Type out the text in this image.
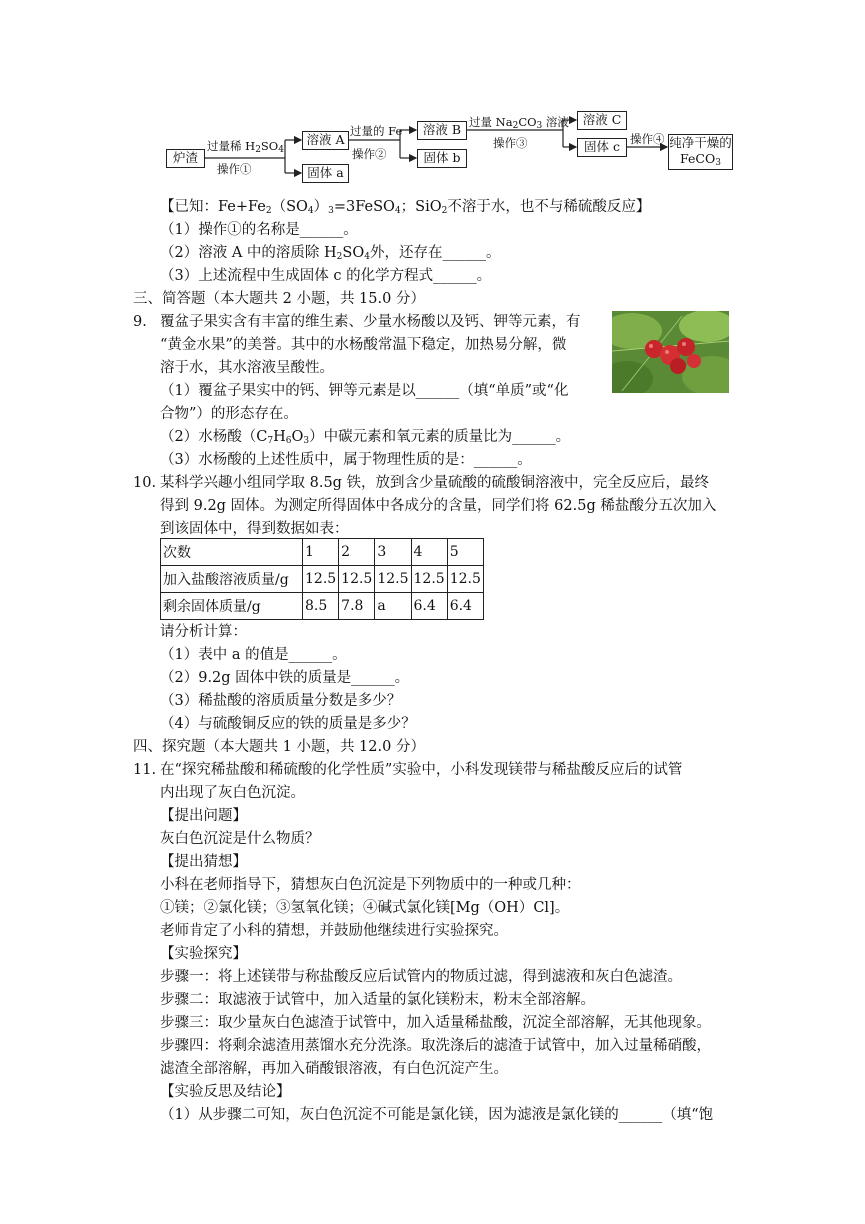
炉渣
过量稀 $H_2SO_4$
操作①
溶液 A
固体 a
过量的 Fe
操作②
溶液 B
固体 b
过量 $Na_2CO_3$ 溶液
操作③
溶液 C
固体 c 操作④ 纯净干燥的
FeCO$_3$
【已知：$Fe+Fe_2(SO_4)_3=3FeSO_4$；SiO$_2$不溶于水，也不与稀硫酸反应】
（1）操作①的名称是______。
（2）溶液 A 中的溶质除 $H_2SO_4$外，还存在______。
（3）上述流程中生成固体 c 的化学方程式______。
三、简答题（本大题共 2 小题，共 15.0 分）
9. 覆盆子果实含有丰富的维生素、少量水杨酸以及钙、钾等元素，有
“黄金水果”的美誉。其中的水杨酸常温下稳定，加热易分解，微
溶于水，其水溶液呈酸性。
（1）覆盆子果实中的钙、钾等元素是以______（填“单质”或“化
合物”）的形态存在。
（2）水杨酸$(C_7H_6O_3)$中碳元素和氧元素的质量比为______。
（3）水杨酸的上述性质中，属于物理性质的是：______。
10. 某科学兴趣小组同学取 8.5g 铁，放到含少量硫酸的硫酸铜溶液中，完全反应后，最终
得到 9.2g 固体。为测定所得固体中各成分的含量，同学们将 62.5g 稀盐酸分五次加入
到该固体中，得到数据如表：
次数	1	2	3	4	5
加入盐酸溶液质量/g	12.5	12.5	12.5	12.5	12.5
剩余固体质量/g	8.5	7.8	a	6.4	6.4
请分析计算：
（1）表中 a 的值是______。
（2）9.2g 固体中铁的质量是______。
（3）稀盐酸的溶质质量分数是多少？
（4）与硫酸铜反应的铁的质量是多少？
四、探究题（本大题共 1 小题，共 12.0 分）
11. 在“探究稀盐酸和稀硫酸的化学性质”实验中，小科发现镁带与稀盐酸反应后的试管
内出现了灰白色沉淀。
【提出问题】
灰白色沉淀是什么物质？
【提出猜想】
小科在老师指导下，猜想灰白色沉淀是下列物质中的一种或几种：
①镁；②氯化镁；③氢氧化镁；④碱式氯化镁[Mg（OH）Cl]。
老师肯定了小科的猜想，并鼓励他继续进行实验探究。
【实验探究】
步骤一：将上述镁带与称盐酸反应后试管内的物质过滤，得到滤液和灰白色滤渣。
步骤二：取滤液于试管中，加入适量的氯化镁粉末，粉末全部溶解。
步骤三：取少量灰白色滤渣于试管中，加入适量稀盐酸，沉淀全部溶解，无其他现象。
步骤四：将剩余滤渣用蒸馏水充分洗涤。取洗涤后的滤渣于试管中，加入过量稀硝酸，
滤渣全部溶解，再加入硝酸银溶液，有白色沉淀产生。
【实验反思及结论】
（1）从步骤二可知，灰白色沉淀不可能是氯化镁，因为滤液是氯化镁的______（填“饱
